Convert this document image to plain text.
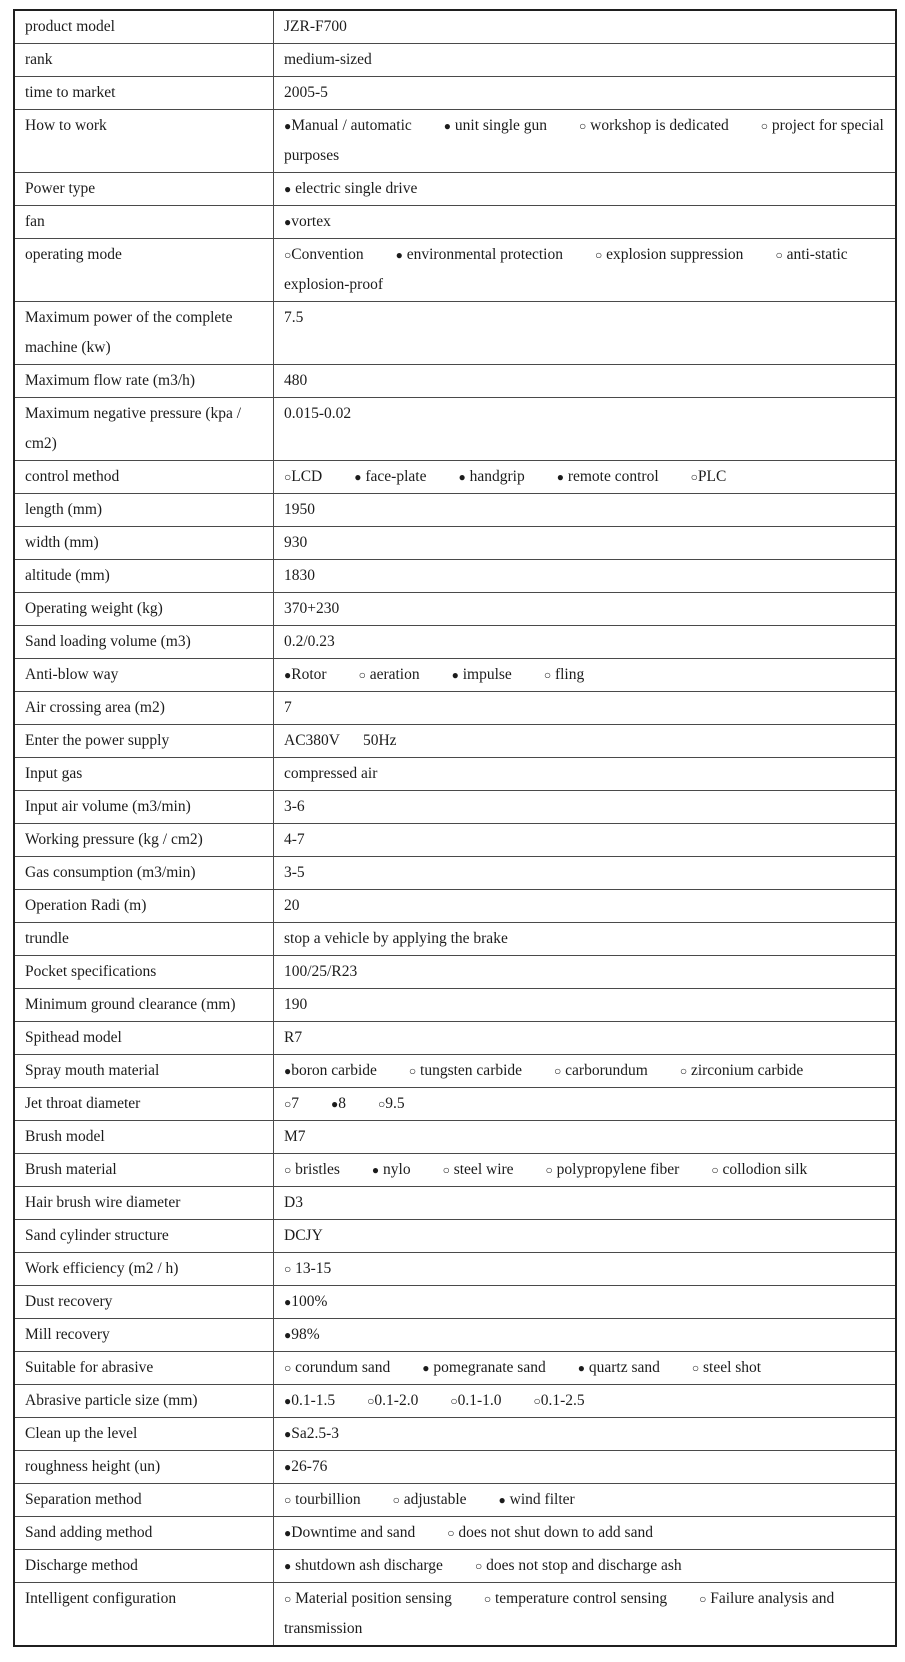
product model	JZR-F700
rank	medium-sized
time to market	2005-5
How to work	●Manual / automatic ● unit single gun ○ workshop is dedicated ○ project for special purposes
Power type	● electric single drive
fan	●vortex
operating mode	○Convention ● environmental protection ○ explosion suppression ○ anti-static explosion-proof
Maximum power of the complete machine (kw)	7.5
Maximum flow rate (m3/h)	480
Maximum negative pressure (kpa / cm2)	0.015-0.02
control method	○LCD ● face-plate ● handgrip ● remote control ○PLC
length (mm)	1950
width (mm)	930
altitude (mm)	1830
Operating weight (kg)	370+230
Sand loading volume (m3)	0.2/0.23
Anti-blow way	●Rotor ○ aeration ● impulse ○ fling
Air crossing area (m2)	7
Enter the power supply	AC380V      50Hz
Input gas	compressed air
Input air volume (m3/min)	3-6
Working pressure (kg / cm2)	4-7
Gas consumption (m3/min)	3-5
Operation Radi (m)	20
trundle	stop a vehicle by applying the brake
Pocket specifications	100/25/R23
Minimum ground clearance (mm)	190
Spithead model	R7
Spray mouth material	●boron carbide ○ tungsten carbide ○ carborundum ○ zirconium carbide
Jet throat diameter	○7 ●8 ○9.5
Brush model	M7
Brush material	○ bristles ● nylo ○ steel wire ○ polypropylene fiber ○ collodion silk
Hair brush wire diameter	D3
Sand cylinder structure	DCJY
Work efficiency (m2 / h)	○ 13-15
Dust recovery	●100%
Mill recovery	●98%
Suitable for abrasive	○ corundum sand ● pomegranate sand ● quartz sand ○ steel shot
Abrasive particle size (mm)	●0.1-1.5 ○0.1-2.0 ○0.1-1.0 ○0.1-2.5
Clean up the level	●Sa2.5-3
roughness height (un)	●26-76
Separation method	○ tourbillion ○ adjustable ● wind filter
Sand adding method	●Downtime and sand ○ does not shut down to add sand
Discharge method	● shutdown ash discharge ○ does not stop and discharge ash
Intelligent configuration	○ Material position sensing ○ temperature control sensing ○ Failure analysis and transmission
